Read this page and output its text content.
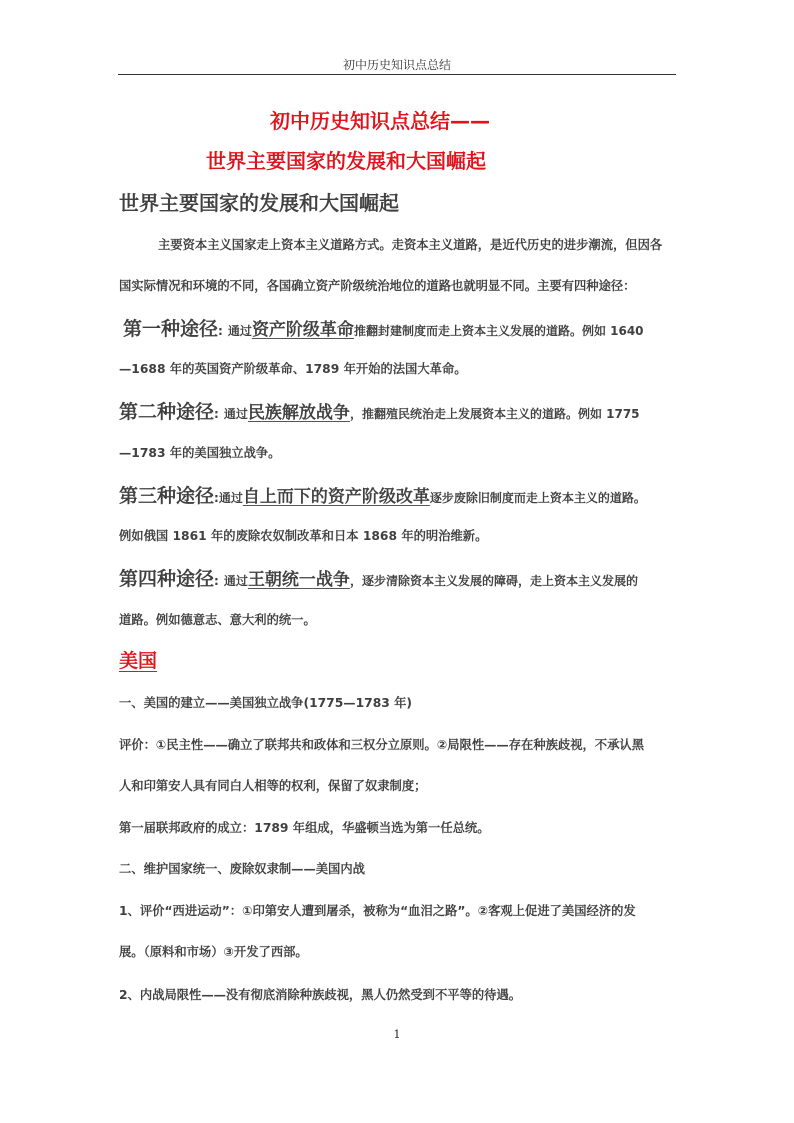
初中历史知识点总结
初中历史知识点总结——
世界主要国家的发展和大国崛起
世界主要国家的发展和大国崛起
主要资本主义国家走上资本主义道路方式。走资本主义道路，是近代历史的进步潮流，但因各
国实际情况和环境的不同，各国确立资产阶级统治地位的道路也就明显不同。主要有四种途径：
第一种途径: 通过资产阶级革命推翻封建制度而走上资本主义发展的道路。例如 1640
—1688 年的英国资产阶级革命、1789 年开始的法国大革命。
第二种途径: 通过民族解放战争，推翻殖民统治走上发展资本主义的道路。例如 1775
—1783 年的美国独立战争。
第三种途径:通过自上而下的资产阶级改革逐步废除旧制度而走上资本主义的道路。
例如俄国 1861 年的废除农奴制改革和日本 1868 年的明治维新。
第四种途径: 通过王朝统一战争，逐步清除资本主义发展的障碍，走上资本主义发展的
道路。例如德意志、意大利的统一。
美国
一、美国的建立——美国独立战争(1775—1783 年)
评价：①民主性——确立了联邦共和政体和三权分立原则。②局限性——存在种族歧视，不承认黑
人和印第安人具有同白人相等的权利，保留了奴隶制度；
第一届联邦政府的成立：1789 年组成，华盛顿当选为第一任总统。
二、维护国家统一、废除奴隶制——美国内战
1、评价“西进运动”：①印第安人遭到屠杀，被称为“血泪之路”。②客观上促进了美国经济的发
展。（原料和市场）③开发了西部。
2、内战局限性——没有彻底消除种族歧视，黑人仍然受到不平等的待遇。
1
